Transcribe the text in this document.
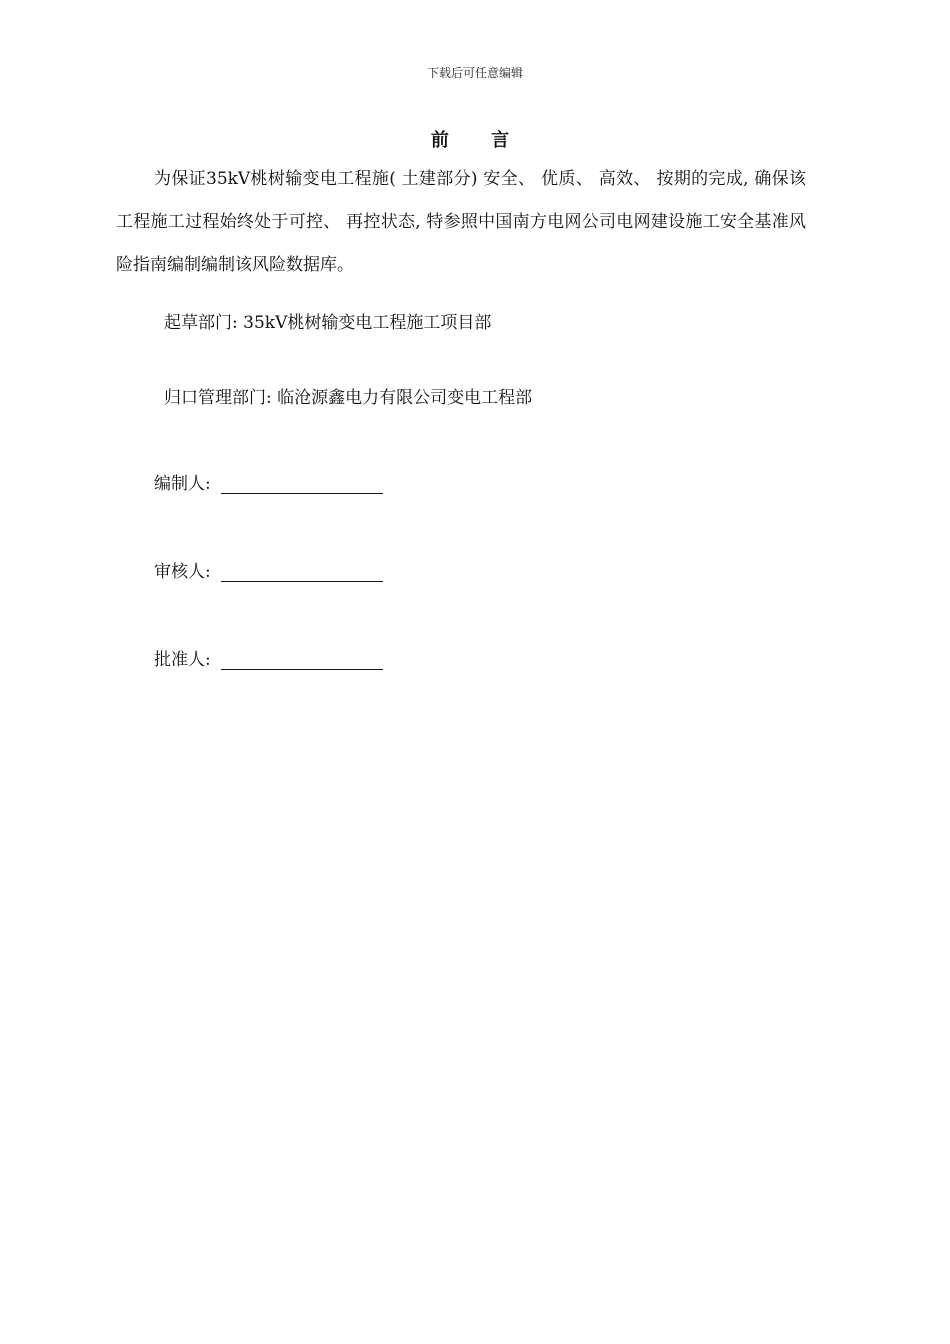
下载后可任意编辑
前 言

为保证35kV桃树输变电工程施( 土建部分) 安全、 优质、 高效、 按期的完成, 确保该工程施工过程始终处于可控、 再控状态, 特参照中国南方电网公司电网建设施工安全基准风险指南编制编制该风险数据库。

起草部门: 35kV桃树输变电工程施工项目部
归口管理部门: 临沧源鑫电力有限公司变电工程部
编制人:
审核人:
批准人:
